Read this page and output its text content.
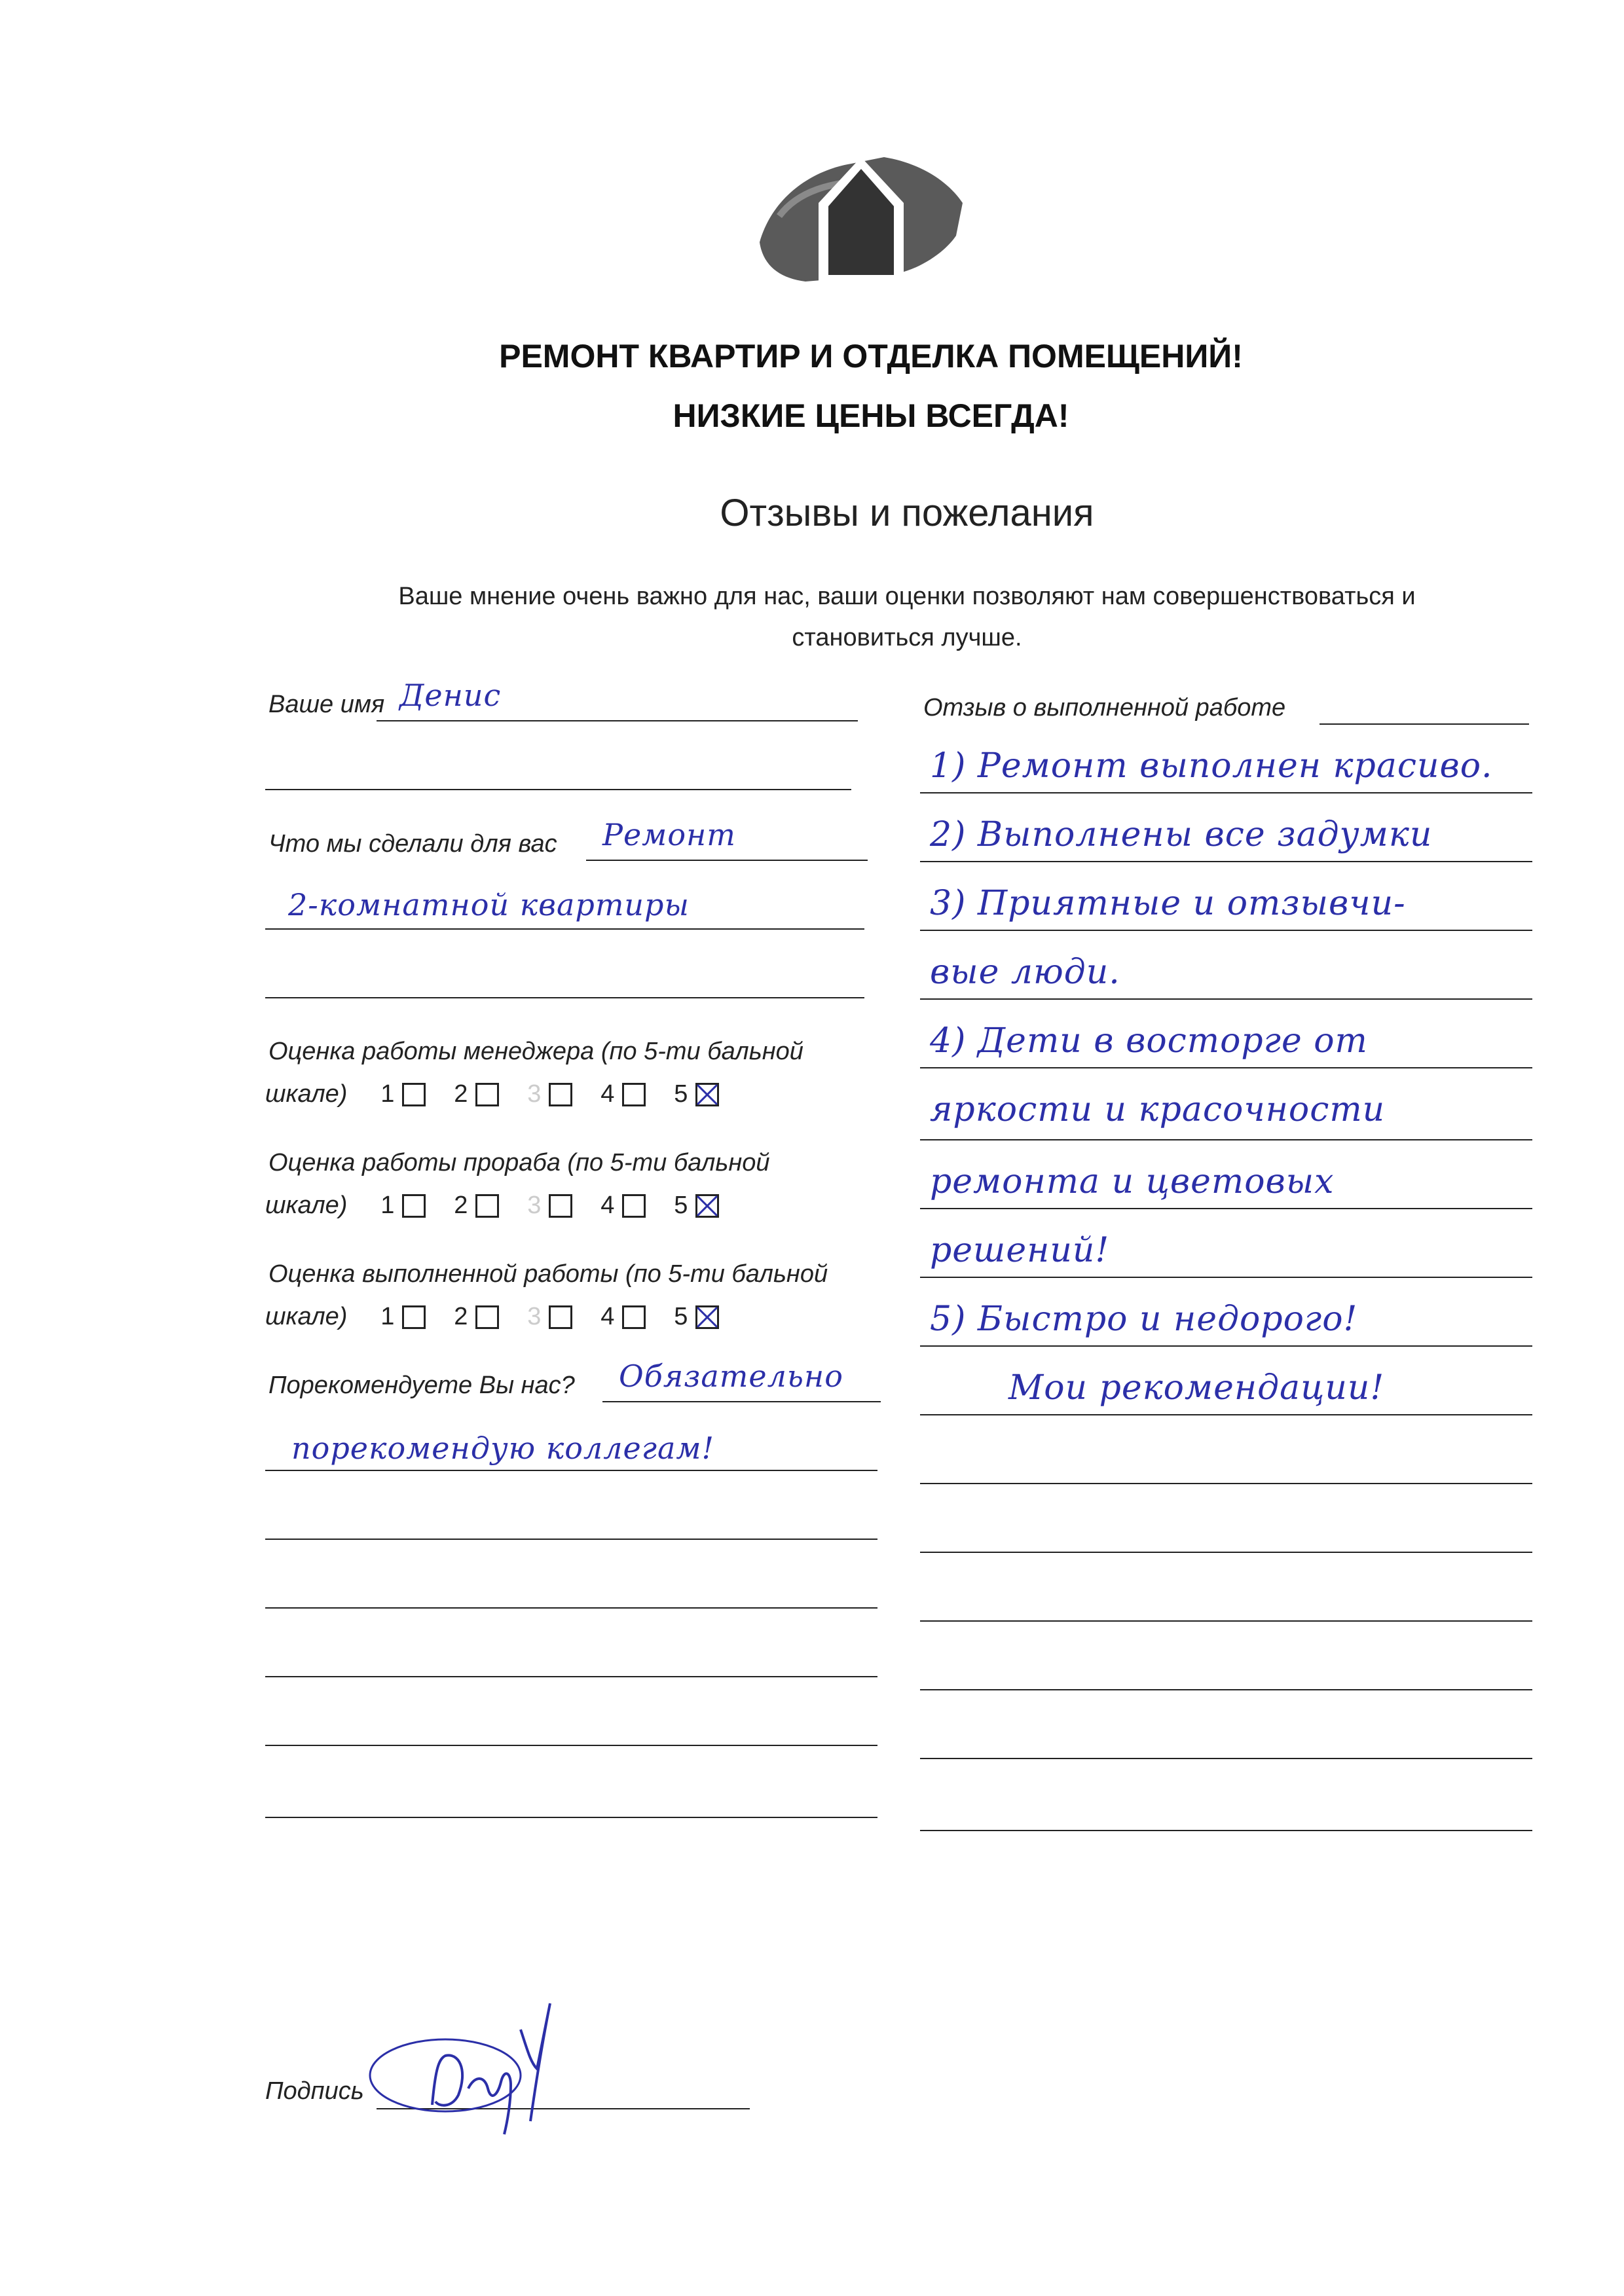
РЕМОНТ КВАРТИР И ОТДЕЛКА ПОМЕЩЕНИЙ!
НИЗКИЕ ЦЕНЫ ВСЕГДА!
Отзывы и пожелания
Ваше мнение очень важно для нас, ваши оценки позволяют нам совершенствоваться и
становиться лучше.
Ваше имя Денис
Что мы сделали для вас Ремонт
2-комнатной квартиры
Оценка работы менеджера (по 5-ти бальной
шкале) 1 2 3 4 5
Оценка работы прораба (по 5-ти бальной
шкале) 1 2 3 4 5
Оценка выполненной работы (по 5-ти бальной
шкале) 1 2 3 4 5
Порекомендуете Вы нас? Обязательно
порекомендую коллегам!
Отзыв о выполненной работе
1) Ремонт выполнен красиво.
2) Выполнены все задумки
3) Приятные и отзывчи-
вые люди.
4) Дети в восторге от
яркости и красочности
ремонта и цветовых
решений!
5) Быстро и недорого!
Мои рекомендации!
Подпись
